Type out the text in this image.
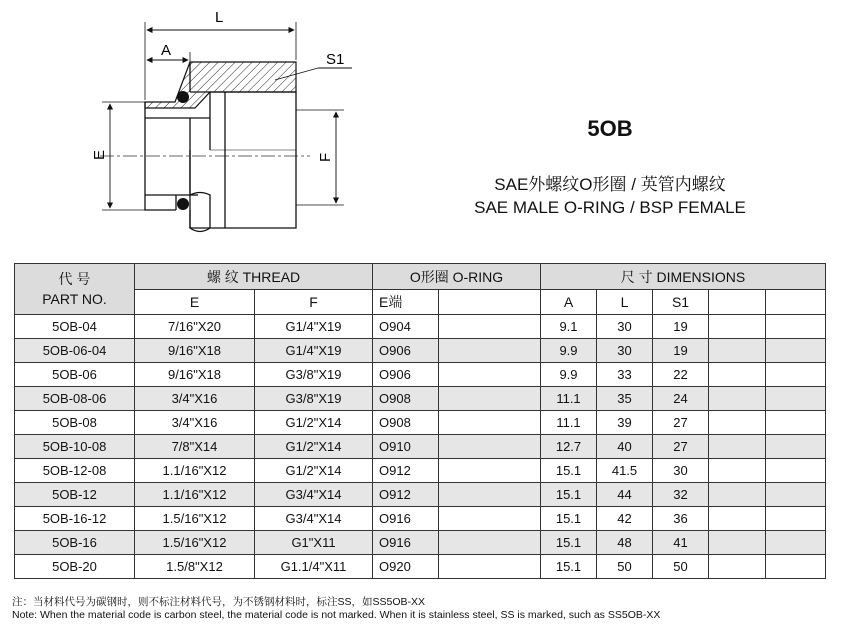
L
A
S1
E	F
5OB
SAE外螺纹O形圈 / 英管内螺纹
SAE MALE O-RING / BSP FEMALE
代 号
PART NO.	螺 纹 THREAD		O形圈 O-RING		尺 寸 DIMENSIONS				
	E	F	E端		A	L	S1		
5OB-04	7/16"X20	G1/4"X19	O904		9.1	30	19		
5OB-06-04	9/16"X18	G1/4"X19	O906		9.9	30	19		
5OB-06	9/16"X18	G3/8"X19	O906		9.9	33	22		
5OB-08-06	3/4"X16	G3/8"X19	O908		11.1	35	24		
5OB-08	3/4"X16	G1/2"X14	O908		11.1	39	27		
5OB-10-08	7/8"X14	G1/2"X14	O910		12.7	40	27		
5OB-12-08	1.1/16"X12	G1/2"X14	O912		15.1	41.5	30		
5OB-12	1.1/16"X12	G3/4"X14	O912		15.1	44	32		
5OB-16-12	1.5/16"X12	G3/4"X14	O916		15.1	42	36		
5OB-16	1.5/16"X12	G1"X11	O916		15.1	48	41		
5OB-20	1.5/8"X12	G1.1/4"X11	O920		15.1	50	50		
注：当材料代号为碳钢时，则不标注材料代号，为不锈钢材料时，标注SS，如SS5OB-XX
Note: When the material code is carbon steel, the material code is not marked. When it is stainless steel, SS is marked, such as SS5OB-XX
